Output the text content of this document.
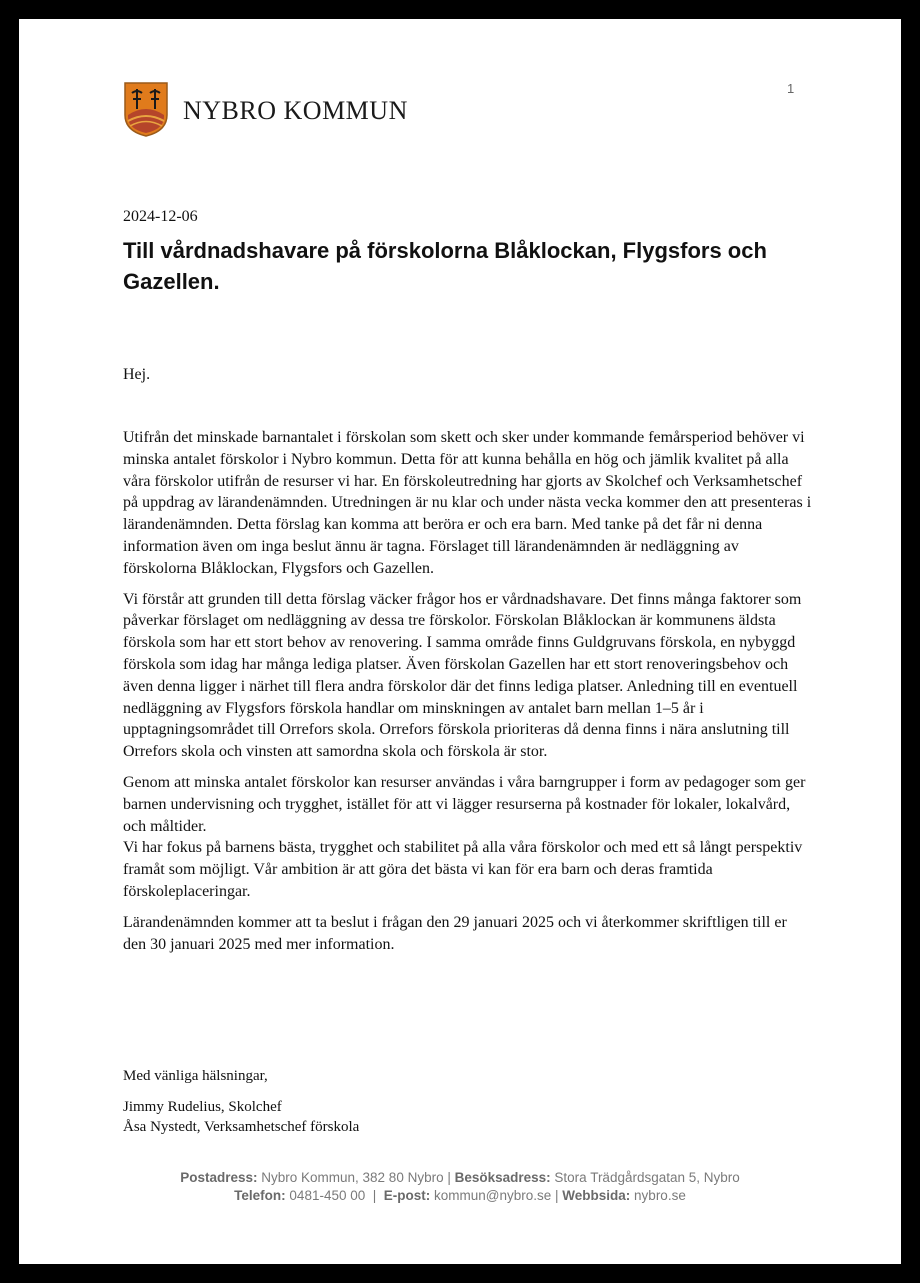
NYBRO KOMMUN
1
2024-12-06
Till vårdnadshavare på förskolorna Blåklockan, Flygsfors och Gazellen.
Hej.

Utifrån det minskade barnantalet i förskolan som skett och sker under kommande femårsperiod behöver vi minska antalet förskolor i Nybro kommun. Detta för att kunna behålla en hög och jämlik kvalitet på alla våra förskolor utifrån de resurser vi har. En förskoleutredning har gjorts av Skolchef och Verksamhetschef på uppdrag av lärandenämnden. Utredningen är nu klar och under nästa vecka kommer den att presenteras i lärandenämnden. Detta förslag kan komma att beröra er och era barn. Med tanke på det får ni denna information även om inga beslut ännu är tagna. Förslaget till lärandenämnden är nedläggning av förskolorna Blåklockan, Flygsfors och Gazellen.

Vi förstår att grunden till detta förslag väcker frågor hos er vårdnadshavare. Det finns många faktorer som påverkar förslaget om nedläggning av dessa tre förskolor. Förskolan Blåklockan är kommunens äldsta förskola som har ett stort behov av renovering. I samma område finns Guldgruvans förskola, en nybyggd förskola som idag har många lediga platser. Även förskolan Gazellen har ett stort renoveringsbehov och även denna ligger i närhet till flera andra förskolor där det finns lediga platser. Anledning till en eventuell nedläggning av Flygsfors förskola handlar om minskningen av antalet barn mellan 1–5 år i upptagningsområdet till Orrefors skola. Orrefors förskola prioriteras då denna finns i nära anslutning till Orrefors skola och vinsten att samordna skola och förskola är stor.

Genom att minska antalet förskolor kan resurser användas i våra barngrupper i form av pedagoger som ger barnen undervisning och trygghet, istället för att vi lägger resurserna på kostnader för lokaler, lokalvård, och måltider.

Vi har fokus på barnens bästa, trygghet och stabilitet på alla våra förskolor och med ett så långt perspektiv framåt som möjligt. Vår ambition är att göra det bästa vi kan för era barn och deras framtida förskoleplaceringar.

Lärandenämnden kommer att ta beslut i frågan den 29 januari 2025 och vi återkommer skriftligen till er den 30 januari 2025 med mer information.

Med vänliga hälsningar,
Jimmy Rudelius, Skolchef
Åsa Nystedt, Verksamhetschef förskola
Postadress: Nybro Kommun, 382 80 Nybro | Besöksadress: Stora Trädgårdsgatan 5, Nybro
Telefon: 0481-450 00  |  E-post: kommun@nybro.se | Webbsida: nybro.se
